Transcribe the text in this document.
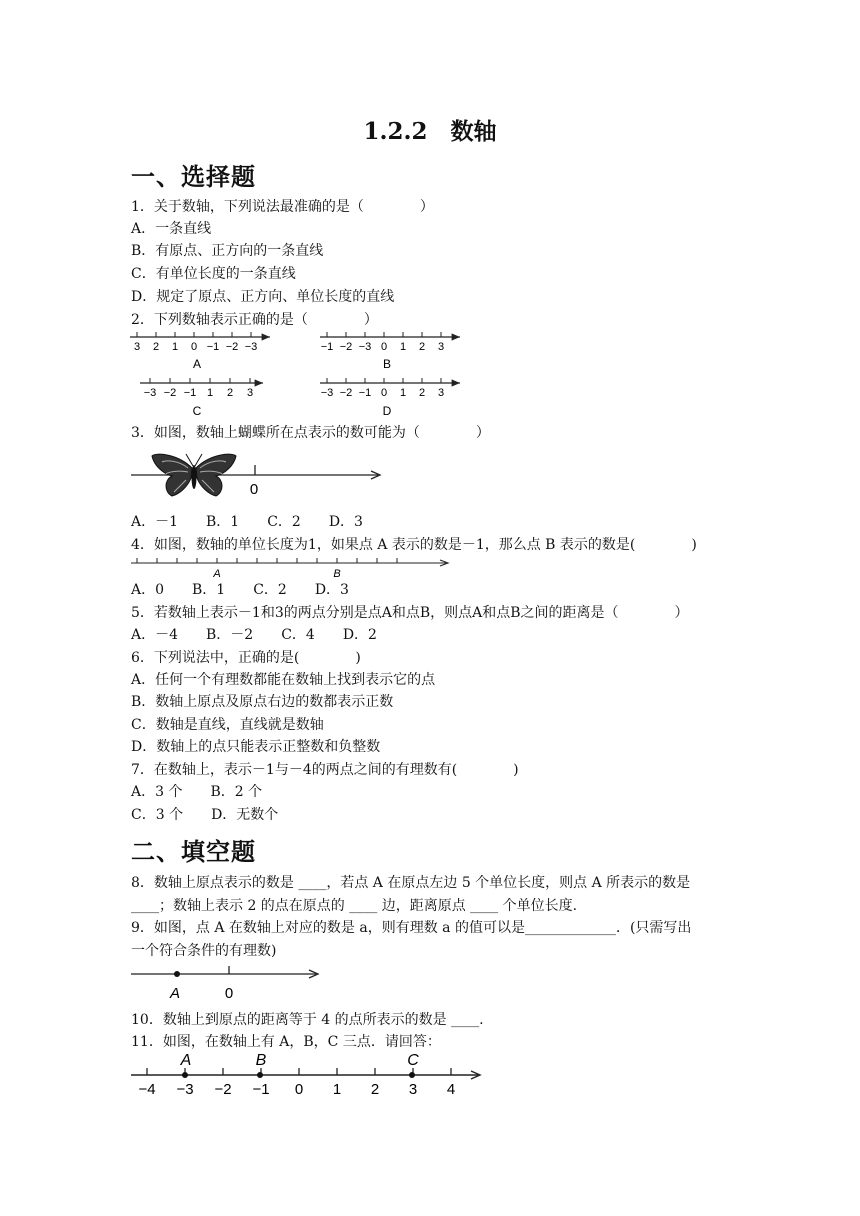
1.2.2　数轴
一、选择题
1．关于数轴，下列说法最准确的是（　　　　）
A．一条直线
B．有原点、正方向的一条直线
C．有单位长度的一条直线
D．规定了原点、正方向、单位长度的直线
2．下列数轴表示正确的是（　　　　）
3 2 1 0 −1 −2 −3	−1 −2 −3 0 1 2 3
−3 −2 −1 1 2 3	−3 −2 −1 0 1 2 3
A	B
C	D
3．如图，数轴上蝴蝶所在点表示的数可能为（　　　　）
0
A．－1　　B．1　　C．2　　D．3
4．如图，数轴的单位长度为1，如果点 A 表示的数是－1，那么点 B 表示的数是(　　　　)
A	B
A．0　　B．1　　C．2　　D．3
5．若数轴上表示－1和3的两点分别是点A和点B，则点A和点B之间的距离是（　　　　）
A．－4　　B．－2　　C．4　　D．2
6．下列说法中，正确的是(　　　　)
A．任何一个有理数都能在数轴上找到表示它的点
B．数轴上原点及原点右边的数都表示正数
C．数轴是直线，直线就是数轴
D．数轴上的点只能表示正整数和负整数
7．在数轴上，表示－1与－4的两点之间的有理数有(　　　　)
A．3 个　　B．2 个
C．3 个　　D．无数个
二、填空题
8．数轴上原点表示的数是 ____，若点 A 在原点左边 5 个单位长度，则点 A 所表示的数是
____；数轴上表示 2 的点在原点的 ____ 边，距离原点 ____ 个单位长度.
9．如图，点 A 在数轴上对应的数是 a，则有理数 a 的值可以是_____________．(只需写出
一个符合条件的有理数)
A	0
10．数轴上到原点的距离等于 4 的点所表示的数是 ____.
11．如图，在数轴上有 A，B，C 三点．请回答：
−4 −3 −2 −1 0 1 2 3 4
A	B	C
